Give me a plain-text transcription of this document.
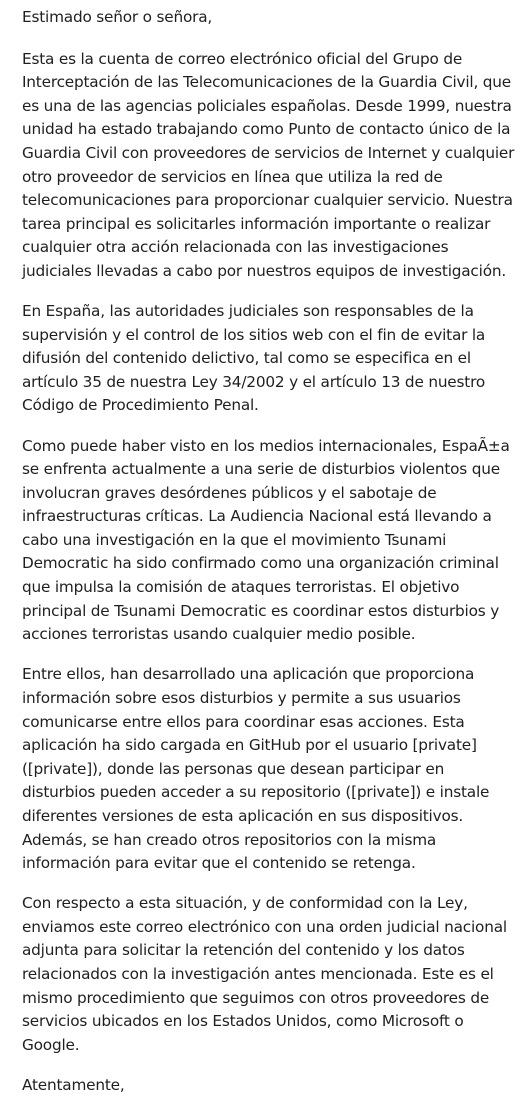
Estimado señor o señora,

Esta es la cuenta de correo electrónico oficial del Grupo de Interceptación de las Telecomunicaciones de la Guardia Civil, que es una de las agencias policiales españolas. Desde 1999, nuestra unidad ha estado trabajando como Punto de contacto único de la Guardia Civil con proveedores de servicios de Internet y cualquier otro proveedor de servicios en línea que utiliza la red de telecomunicaciones para proporcionar cualquier servicio. Nuestra tarea principal es solicitarles información importante o realizar cualquier otra acción relacionada con las investigaciones judiciales llevadas a cabo por nuestros equipos de investigación.

En España, las autoridades judiciales son responsables de la supervisión y el control de los sitios web con el fin de evitar la difusión del contenido delictivo, tal como se especifica en el artículo 35 de nuestra Ley 34/2002 y el artículo 13 de nuestro Código de Procedimiento Penal.

Como puede haber visto en los medios internacionales, EspaÃ±a se enfrenta actualmente a una serie de disturbios violentos que involucran graves desórdenes públicos y el sabotaje de infraestructuras críticas. La Audiencia Nacional está llevando a cabo una investigación en la que el movimiento Tsunami Democratic ha sido confirmado como una organización criminal que impulsa la comisión de ataques terroristas. El objetivo principal de Tsunami Democratic es coordinar estos disturbios y acciones terroristas usando cualquier medio posible.

Entre ellos, han desarrollado una aplicación que proporciona información sobre esos disturbios y permite a sus usuarios comunicarse entre ellos para coordinar esas acciones. Esta aplicación ha sido cargada en GitHub por el usuario [private] ([private]), donde las personas que desean participar en disturbios pueden acceder a su repositorio ([private]) e instale diferentes versiones de esta aplicación en sus dispositivos. Además, se han creado otros repositorios con la misma información para evitar que el contenido se retenga.

Con respecto a esta situación, y de conformidad con la Ley, enviamos este correo electrónico con una orden judicial nacional adjunta para solicitar la retención del contenido y los datos relacionados con la investigación antes mencionada. Este es el mismo procedimiento que seguimos con otros proveedores de servicios ubicados en los Estados Unidos, como Microsoft o Google.

Atentamente,
